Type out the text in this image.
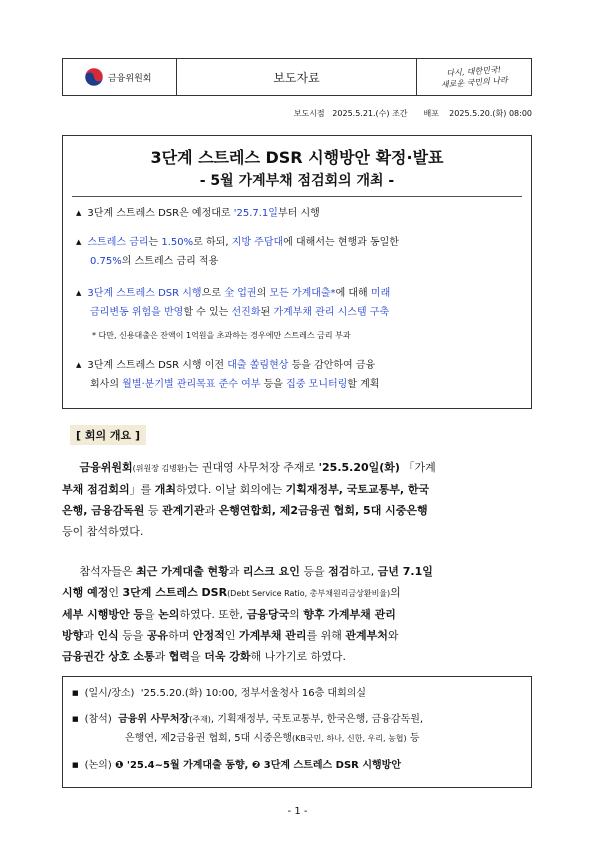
금융위원회	보도자료	다시, 대한민국!
새로운 국민의 나라
보도시점 2025.5.21.(수) 조간 배포 2025.5.20.(화) 08:00
3단계 스트레스 DSR 시행방안 확정·발표
- 5월 가계부채 점검회의 개최 -
▲ 3단계 스트레스 DSR은 예정대로 '25.7.1일부터 시행
▲ 스트레스 금리는 1.50%로 하되, 지방 주담대에 대해서는 현행과 동일한
0.75%의 스트레스 금리 적용
▲ 3단계 스트레스 DSR 시행으로 全 업권의 모든 가계대출*에 대해 미래
금리변동 위험을 반영할 수 있는 선진화된 가계부채 관리 시스템 구축
* 다만, 신용대출은 잔액이 1억원을 초과하는 경우에만 스트레스 금리 부과
▲ 3단계 스트레스 DSR 시행 이전 대출 쏠림현상 등을 감안하여 금융
회사의 월별·분기별 관리목표 준수 여부 등을 집중 모니터링할 계획
[ 회의 개요 ]
금융위원회(위원장 김병환)는 권대영 사무처장 주재로 '25.5.20일(화) 「가계
부채 점검회의」를 개최하였다. 이날 회의에는 기획재정부, 국토교통부, 한국
은행, 금융감독원 등 관계기관과 은행연합회, 제2금융권 협회, 5대 시중은행
등이 참석하였다.
참석자들은 최근 가계대출 현황과 리스크 요인 등을 점검하고, 금년 7.1일
시행 예정인 3단계 스트레스 DSR(Debt Service Ratio, 총부채원리금상환비율)의
세부 시행방안 등을 논의하였다. 또한, 금융당국의 향후 가계부채 관리
방향과 인식 등을 공유하며 안정적인 가계부채 관리를 위해 관계부처와
금융권간 상호 소통과 협력을 더욱 강화해 나가기로 하였다.
■ (일시/장소) '25.5.20.(화) 10:00, 정부서울청사 16층 대회의실
■ (참석) 금융위 사무처장(주재), 기획재정부, 국토교통부, 한국은행, 금융감독원,
은행연, 제2금융권 협회, 5대 시중은행(KB국민, 하나, 신한, 우리, 농협) 등
■ (논의) ❶ '25.4~5월 가계대출 동향, ❷ 3단계 스트레스 DSR 시행방안
- 1 -
